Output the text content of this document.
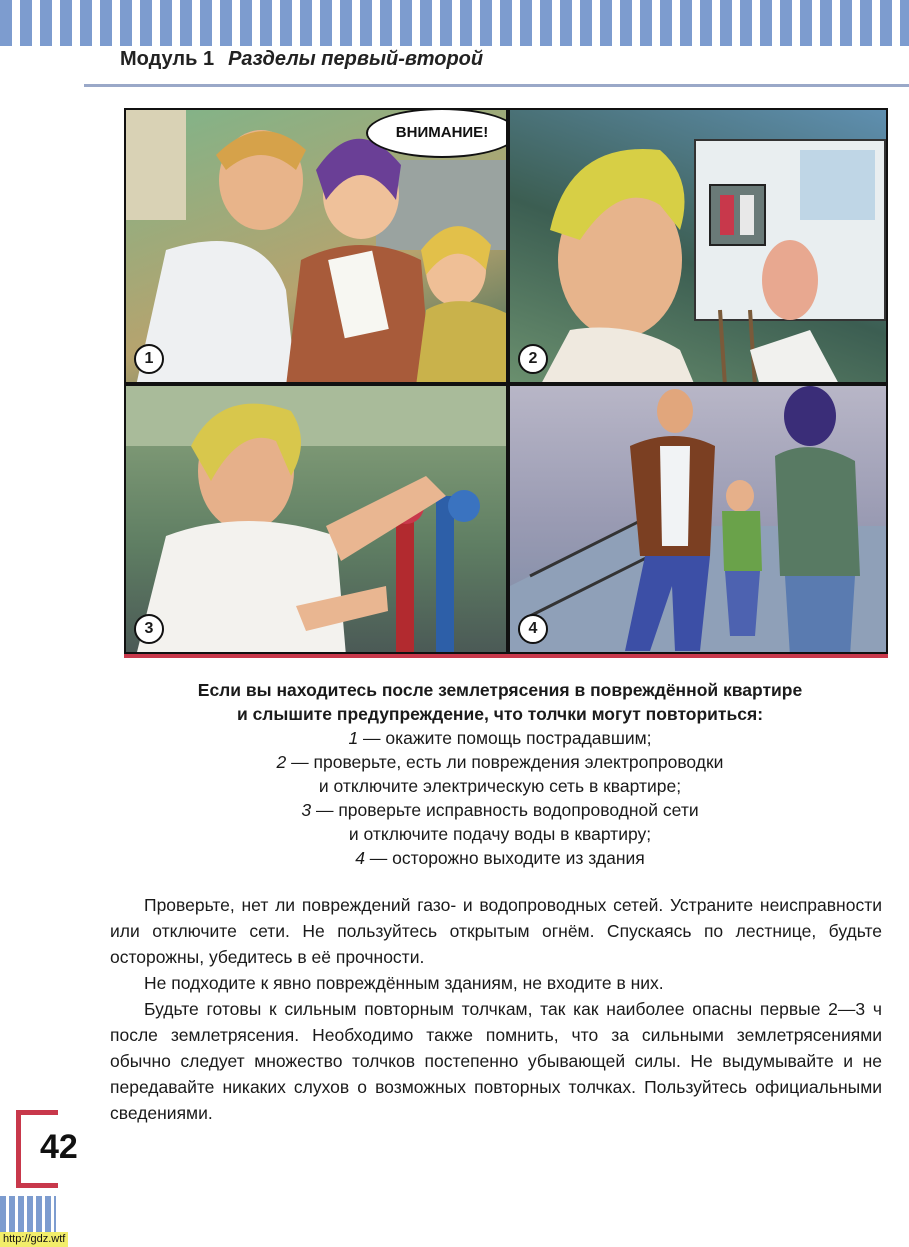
Модуль 1 Разделы первый-второй
ВНИМАНИЕ!
1	2
3	4
Если вы находитесь после землетрясения в повреждённой квартире
и слышите предупреждение, что толчки могут повториться:
1 — окажите помощь пострадавшим;
2 — проверьте, есть ли повреждения электропроводки
и отключите электрическую сеть в квартире;
3 — проверьте исправность водопроводной сети
и отключите подачу воды в квартиру;
4 — осторожно выходите из здания

Проверьте, нет ли повреждений газо- и водопроводных сетей. Устраните неисправности или отключите сети. Не пользуйтесь открытым огнём. Спускаясь по лестнице, будьте осторожны, убедитесь в её прочности.

Не подходите к явно повреждённым зданиям, не входите в них.

Будьте готовы к сильным повторным толчкам, так как наиболее опасны первые 2—3 ч после землетрясения. Необходимо также помнить, что за сильными землетрясениями обычно следует множество толчков постепенно убывающей силы. Не выдумывайте и не передавайте никаких слухов о возможных повторных толчках. Пользуйтесь официальными сведениями.

42
http://gdz.wtf
